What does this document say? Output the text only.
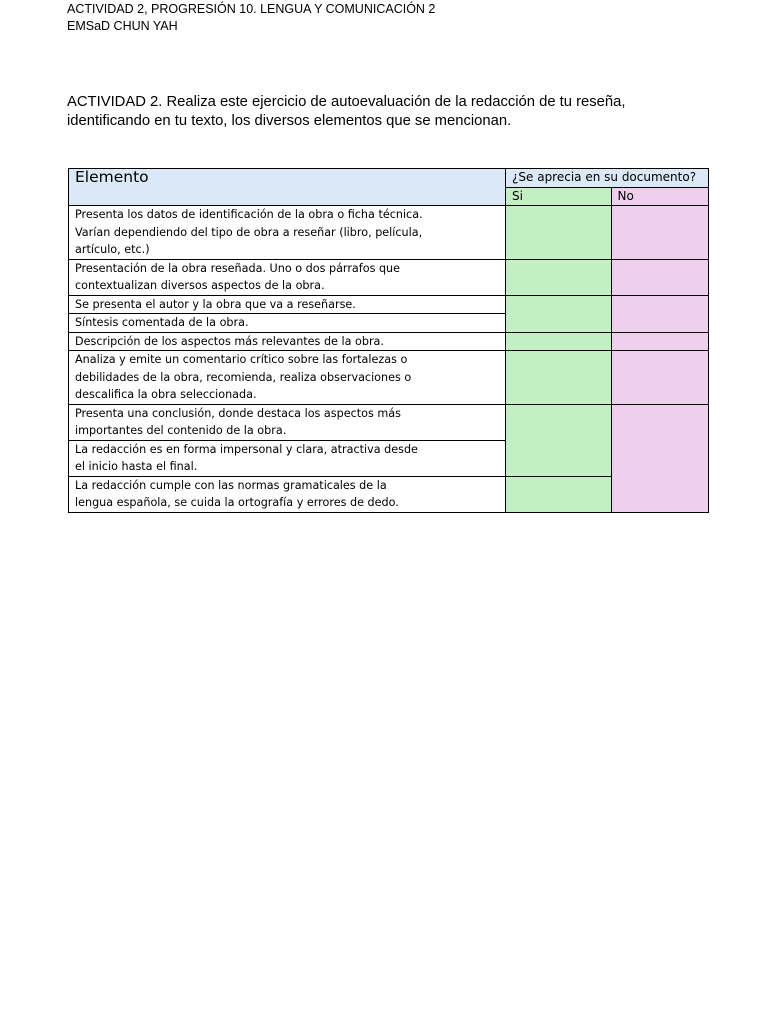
ACTIVIDAD 2, PROGRESIÓN 10. LENGUA Y COMUNICACIÓN 2
EMSaD CHUN YAH
ACTIVIDAD 2. Realiza este ejercicio de autoevaluación de la redacción de tu reseña,
identificando en tu texto, los diversos elementos que se mencionan.
Elemento	¿Se aprecia en su documento?	
	Si	No

Presenta los datos de identificación de la obra o ficha técnica.
Varían dependiendo del tipo de obra a reseñar (libro, película,
artículo, etc.)		

Presentación de la obra reseñada. Uno o dos párrafos que
contextualizan diversos aspectos de la obra.		

Se presenta el autor y la obra que va a reseñarse.		

Síntesis comentada de la obra.		

Descripción de los aspectos más relevantes de la obra.		

Analiza y emite un comentario crítico sobre las fortalezas o
debilidades de la obra, recomienda, realiza observaciones o
descalifica la obra seleccionada.		

Presenta una conclusión, donde destaca los aspectos más
importantes del contenido de la obra.		

La redacción es en forma impersonal y clara, atractiva desde
el inicio hasta el final.		

La redacción cumple con las normas gramaticales de la
lengua española, se cuida la ortografía y errores de dedo.		
